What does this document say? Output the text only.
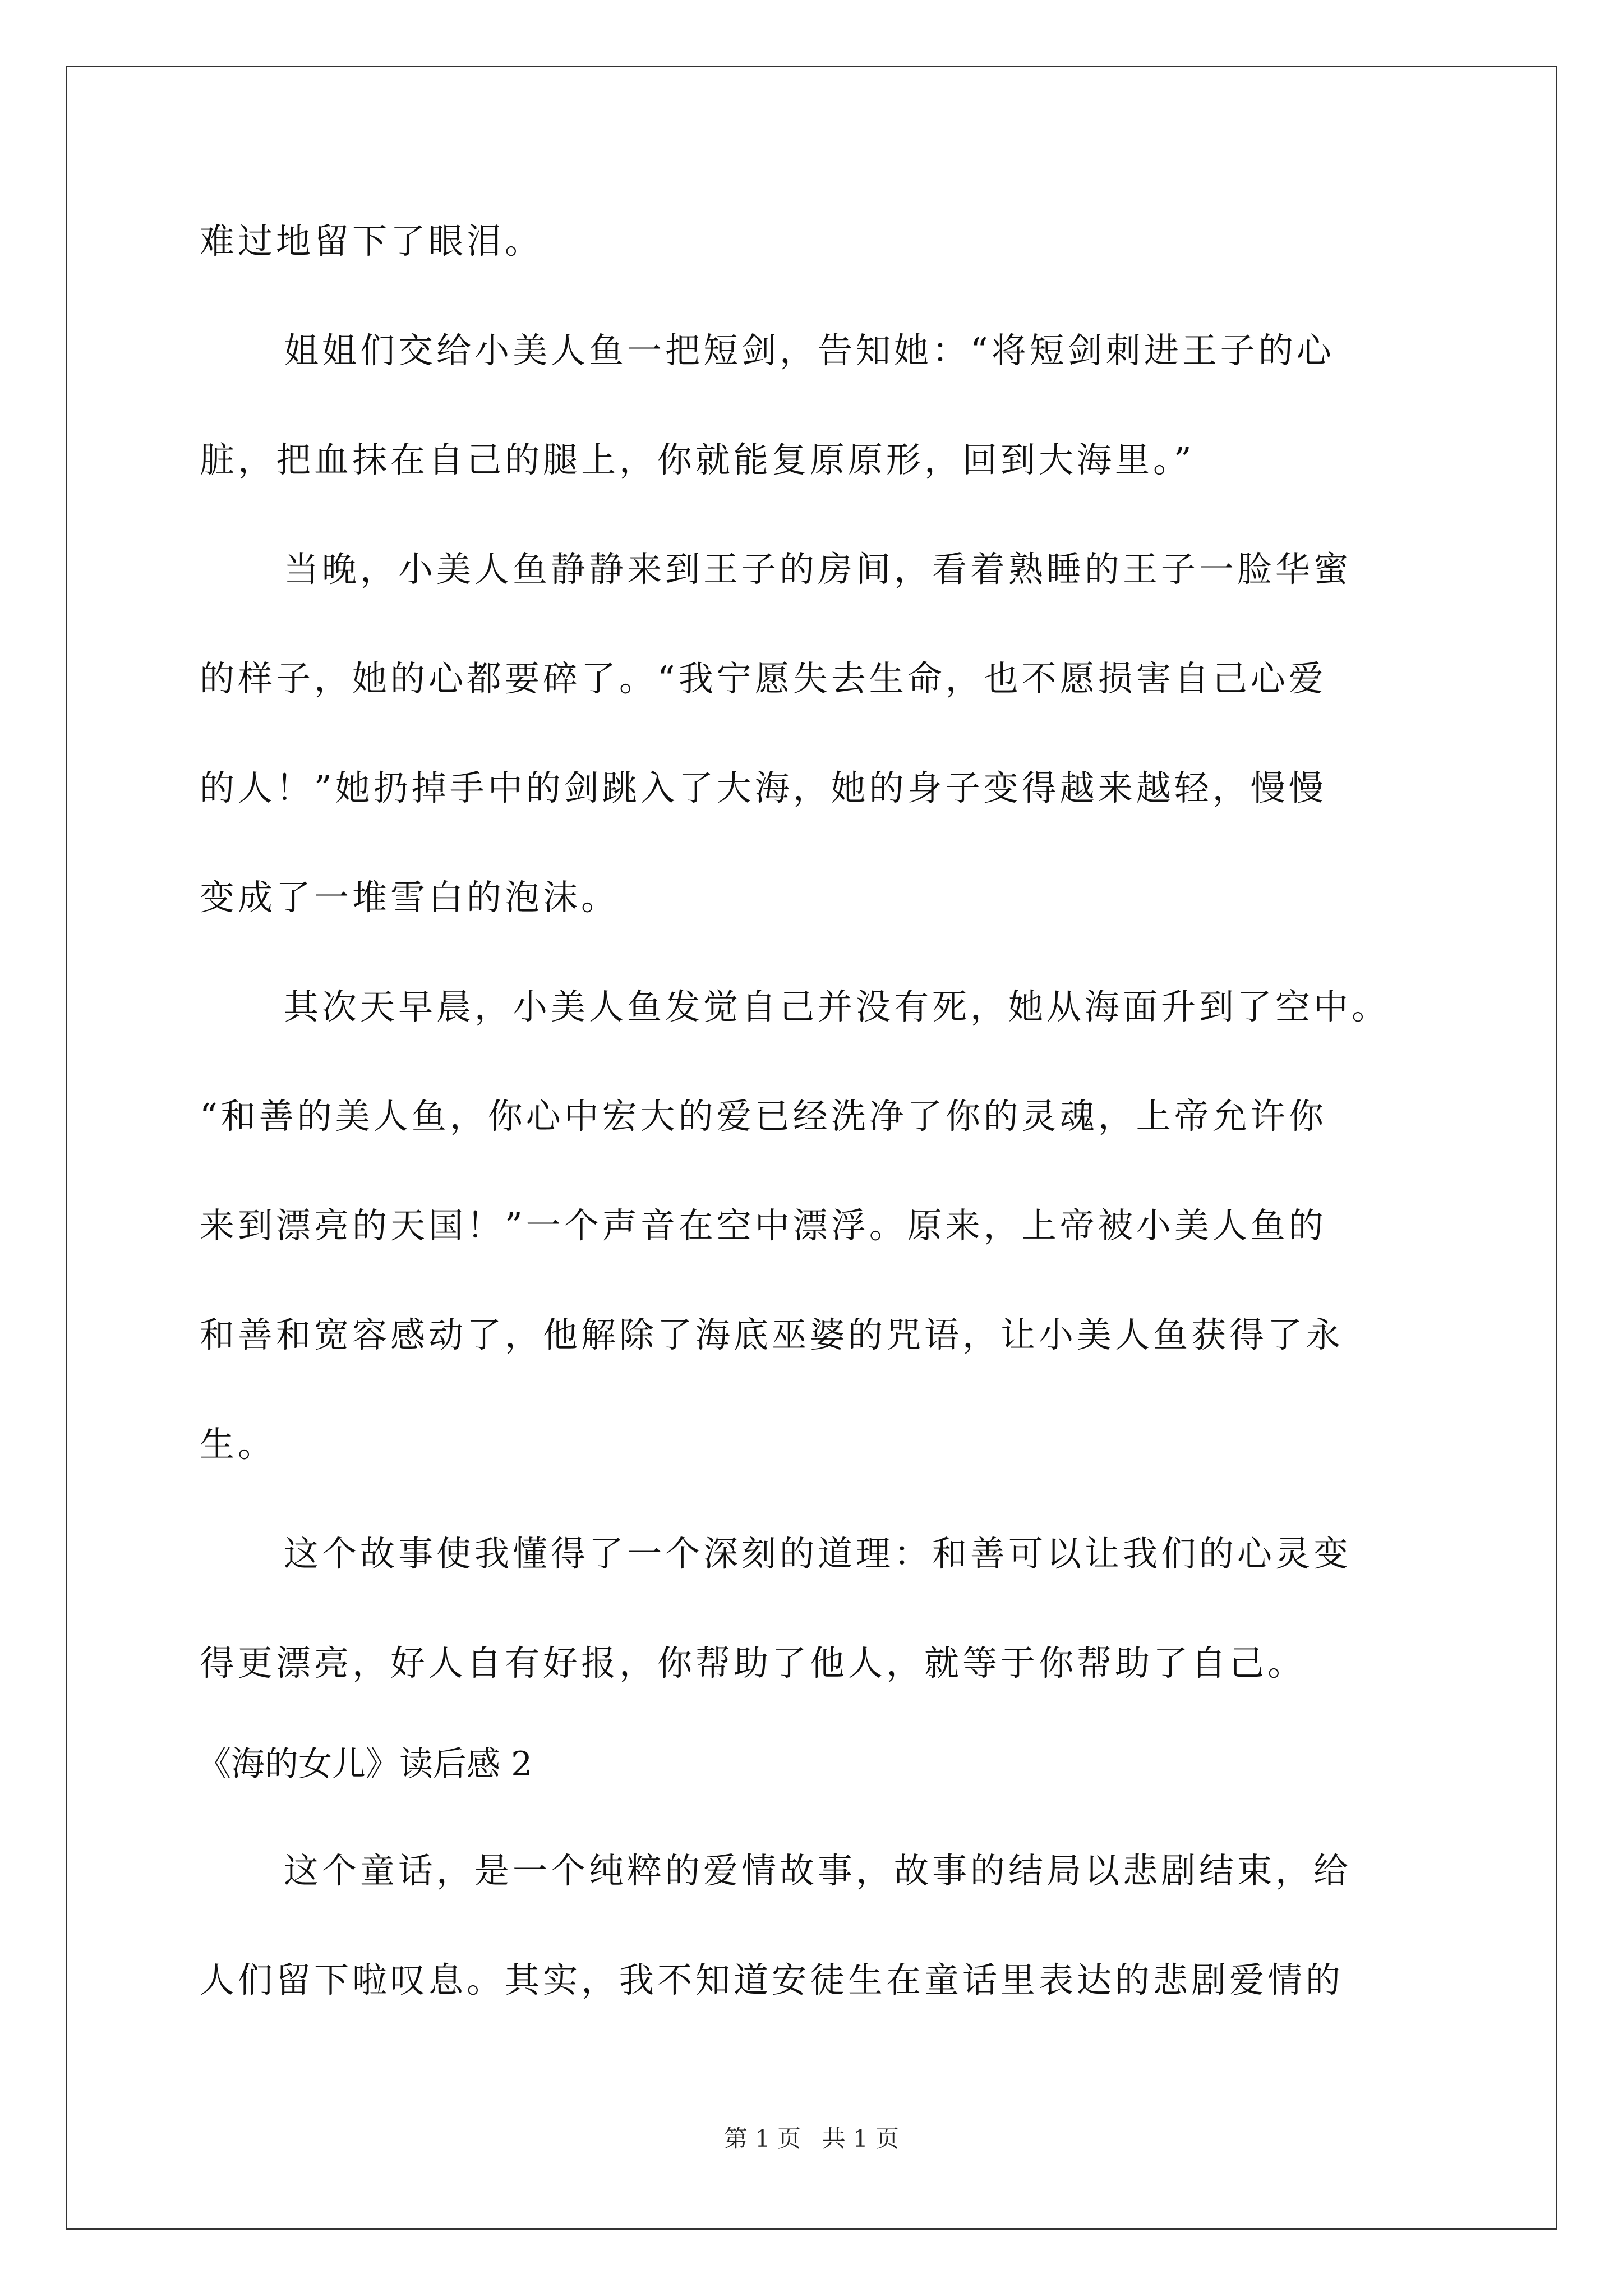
难过地留下了眼泪。
姐姐们交给小美人鱼一把短剑，告知她：“将短剑刺进王子的心
脏，把血抹在自己的腿上，你就能复原原形，回到大海里。”
当晚，小美人鱼静静来到王子的房间，看着熟睡的王子一脸华蜜
的样子，她的心都要碎了。“我宁愿失去生命，也不愿损害自己心爱
的人！”她扔掉手中的剑跳入了大海，她的身子变得越来越轻，慢慢
变成了一堆雪白的泡沫。
其次天早晨，小美人鱼发觉自己并没有死，她从海面升到了空中。
“和善的美人鱼，你心中宏大的爱已经洗净了你的灵魂，上帝允许你
来到漂亮的天国！”一个声音在空中漂浮。原来，上帝被小美人鱼的
和善和宽容感动了，他解除了海底巫婆的咒语，让小美人鱼获得了永
生。
这个故事使我懂得了一个深刻的道理：和善可以让我们的心灵变
得更漂亮，好人自有好报，你帮助了他人，就等于你帮助了自己。
《海的女儿》读后感 2
这个童话，是一个纯粹的爱情故事，故事的结局以悲剧结束，给
人们留下啦叹息。其实，我不知道安徒生在童话里表达的悲剧爱情的
第 1 页 共 1 页
